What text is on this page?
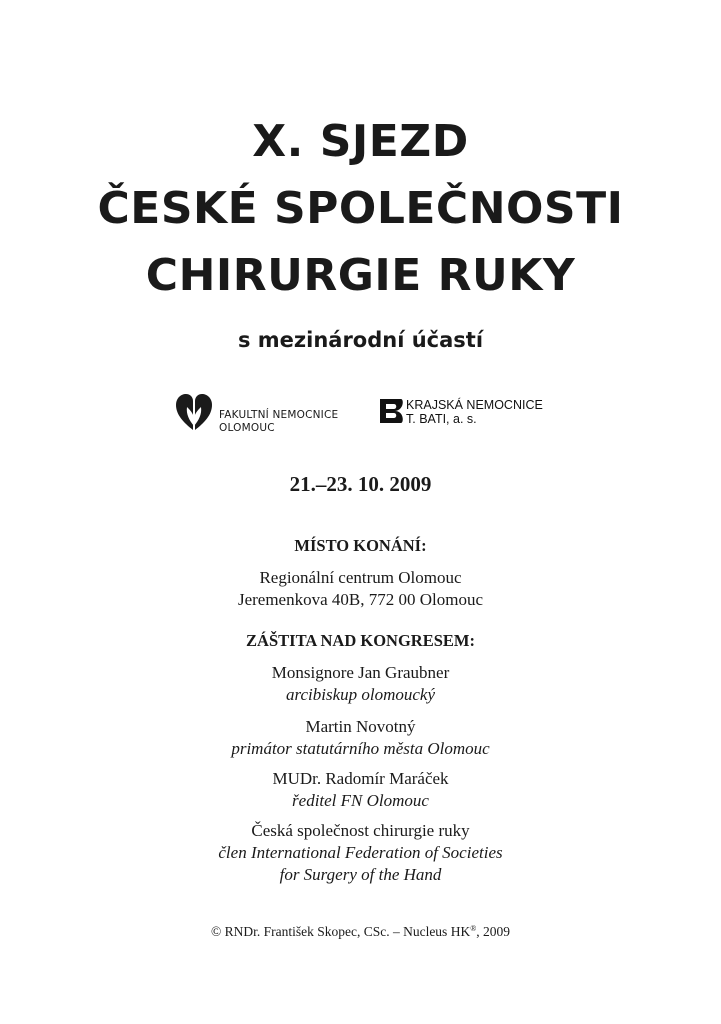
X. SJEZD
ČESKÉ SPOLEČNOSTI
CHIRURGIE RUKY
s mezinárodní účastí
FAKULTNÍ NEMOCNICE
OLOMOUC
KRAJSKÁ NEMOCNICE
T. BATI, a. s.
21.–23. 10. 2009
MÍSTO KONÁNÍ:
Regionální centrum Olomouc
Jeremenkova 40B, 772 00 Olomouc
ZÁŠTITA NAD KONGRESEM:
Monsignore Jan Graubner
arcibiskup olomoucký
Martin Novotný
primátor statutárního města Olomouc
MUDr. Radomír Maráček
ředitel FN Olomouc
Česká společnost chirurgie ruky
člen International Federation of Societies
for Surgery of the Hand
© RNDr. František Skopec, CSc. – Nucleus HK®, 2009
